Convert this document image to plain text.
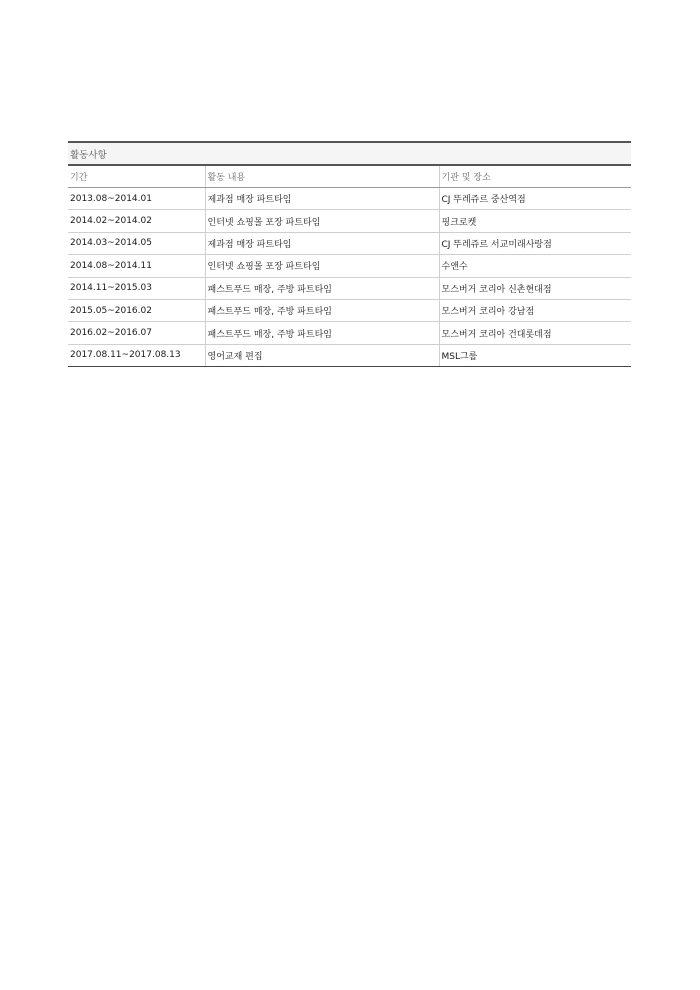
활동사항
기간	활동 내용	기관 및 장소
2013.08~2014.01	제과점 매장 파트타임	CJ 뚜레쥬르 중산역점
2014.02~2014.02	인터넷 쇼핑몰 포장 파트타임	핑크로켓
2014.03~2014.05	제과점 매장 파트타임	CJ 뚜레쥬르 서교미래사랑점
2014.08~2014.11	인터넷 쇼핑몰 포장 파트타임	수앤수
2014.11~2015.03	패스트푸드 매장, 주방 파트타임	모스버거 코리아 신촌현대점
2015.05~2016.02	패스트푸드 매장, 주방 파트타임	모스버거 코리아 강남점
2016.02~2016.07	패스트푸드 매장, 주방 파트타임	모스버거 코리아 건대롯데점
2017.08.11~2017.08.13	영어교재 편집	MSL그룹
